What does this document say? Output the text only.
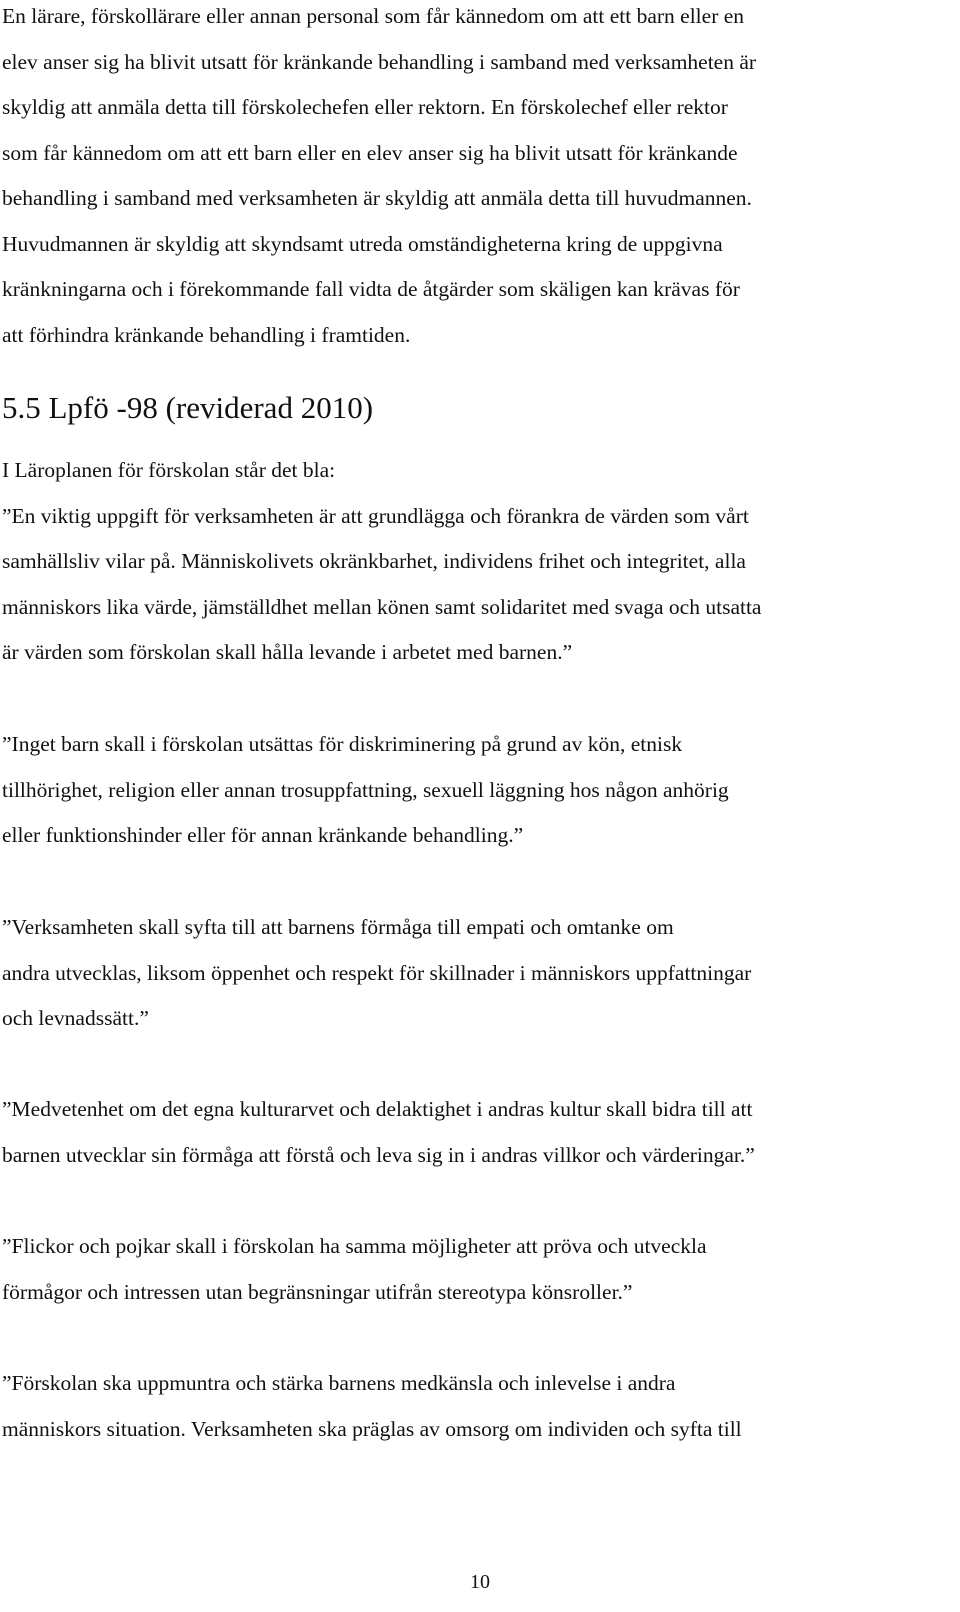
En lärare, förskollärare eller annan personal som får kännedom om att ett barn eller en
elev anser sig ha blivit utsatt för kränkande behandling i samband med verksamheten är
skyldig att anmäla detta till förskolechefen eller rektorn. En förskolechef eller rektor
som får kännedom om att ett barn eller en elev anser sig ha blivit utsatt för kränkande
behandling i samband med verksamheten är skyldig att anmäla detta till huvudmannen.
Huvudmannen är skyldig att skyndsamt utreda omständigheterna kring de uppgivna
kränkningarna och i förekommande fall vidta de åtgärder som skäligen kan krävas för
att förhindra kränkande behandling i framtiden.
5.5 Lpfö -98 (reviderad 2010)
I Läroplanen för förskolan står det bla:
”En viktig uppgift för verksamheten är att grundlägga och förankra de värden som vårt
samhällsliv vilar på. Människolivets okränkbarhet, individens frihet och integritet, alla
människors lika värde, jämställdhet mellan könen samt solidaritet med svaga och utsatta
är värden som förskolan skall hålla levande i arbetet med barnen.”
”Inget barn skall i förskolan utsättas för diskriminering på grund av kön, etnisk
tillhörighet, religion eller annan trosuppfattning, sexuell läggning hos någon anhörig
eller funktionshinder eller för annan kränkande behandling.”
”Verksamheten skall syfta till att barnens förmåga till empati och omtanke om
andra utvecklas, liksom öppenhet och respekt för skillnader i människors uppfattningar
och levnadssätt.”
”Medvetenhet om det egna kulturarvet och delaktighet i andras kultur skall bidra till att
barnen utvecklar sin förmåga att förstå och leva sig in i andras villkor och värderingar.”
”Flickor och pojkar skall i förskolan ha samma möjligheter att pröva och utveckla
förmågor och intressen utan begränsningar utifrån stereotypa könsroller.”
”Förskolan ska uppmuntra och stärka barnens medkänsla och inlevelse i andra
människors situation. Verksamheten ska präglas av omsorg om individen och syfta till
10
